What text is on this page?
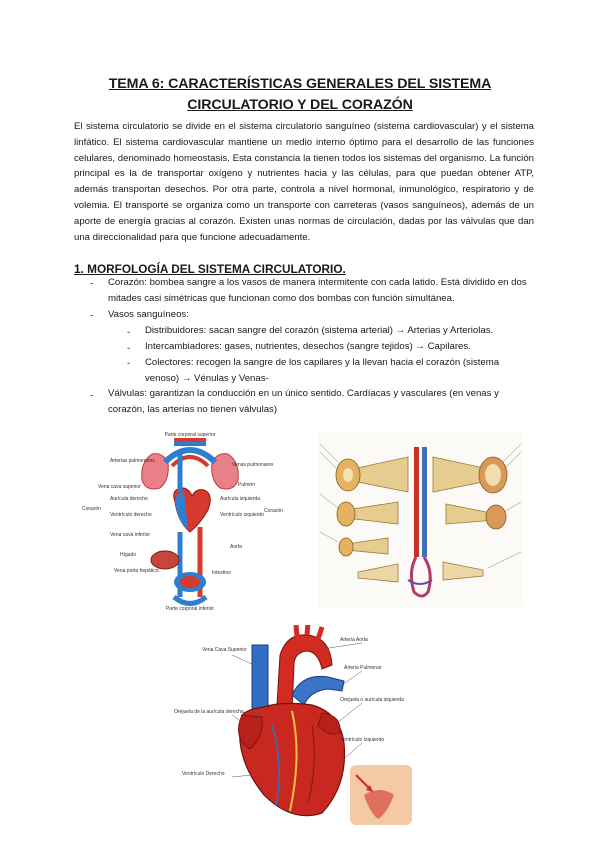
TEMA 6: CARACTERÍSTICAS GENERALES DEL SISTEMA
CIRCULATORIO Y DEL CORAZÓN
El sistema circulatorio se divide en el sistema circulatorio sanguíneo (sistema cardiovascular) y el sistema linfático. El sistema cardiovascular mantiene un medio interno óptimo para el desarrollo de las funciones celulares, denominado homeostasis. Esta constancia la tienen todos los sistemas del organismo. La función principal es la de transportar oxígeno y nutrientes hacia y las células, para que puedan obtener ATP, además transportan desechos. Por otra parte, controla a nivel hormonal, inmunológico, respiratorio y de volemia. El transporte se organiza como un transporte con carreteras (vasos sanguíneos), además de un aporte de energía gracias al corazón. Existen unas normas de circulación, dadas por las válvulas que dan una direccionalidad para que funcione adecuadamente.
1. MORFOLOGÍA DEL SISTEMA CIRCULATORIO.
- Corazón: bombea sangre a los vasos de manera intermitente con cada latido. Está dividido en dos mitades casi simétricas que funcionan como dos bombas con función simultánea.
- Vasos sanguíneos:
- Distribuidores: sacan sangre del corazón (sistema arterial) → Arterias y Arteriolas.
- Intercambiadores: gases, nutrientes, desechos (sangre tejidos) → Capilares.
- Colectores: recogen la sangre de los capilares y la llevan hacia el corazón (sistema venoso) → Vénulas y Venas-
- Válvulas: garantizan la conducción en un único sentido. Cardíacas y vasculares (en venas y corazón, las arterias no tienen válvulas)
Parte corporal superior
Arterias pulmonares
Venas pulmonares
Vena cava superior	Pulmón
Aurícula derecho	Aurícula izquierda
Corazón
Ventrículo derecho	Ventrículo izquierdo
Corazón
Vena cava inferior
Aorta
Hígado
Vena porta hepático	Intestino
Parte corporal inferior
Vena Cava Superior
Arteria Aorta
Arteria Pulmonar
Orejuela o aurícula izquierda
Orejuela de la aurícula derecha
Ventrículo Izquierdo
Ventrículo Derecho
